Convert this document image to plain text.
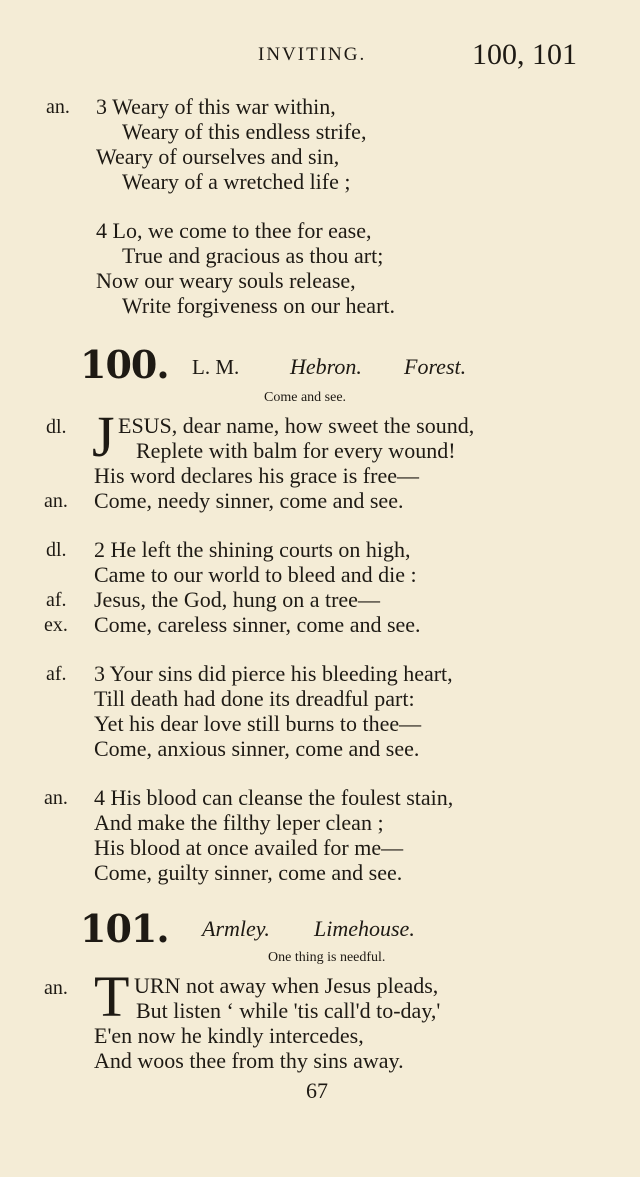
INVITING.	100, 101
an. 3 Weary of this war within,
Weary of this endless strife,
Weary of ourselves and sin,
Weary of a wretched life ;
4 Lo, we come to thee for ease,
True and gracious as thou art;
Now our weary souls release,
Write forgiveness on our heart.
100. L. M. Hebron. Forest.
Come and see.
dl. J ESUS, dear name, how sweet the sound,
Replete with balm for every wound!
His word declares his grace is free—
an. Come, needy sinner, come and see.
dl. 2 He left the shining courts on high,
Came to our world to bleed and die :
af. Jesus, the God, hung on a tree—
ex. Come, careless sinner, come and see.
af. 3 Your sins did pierce his bleeding heart,
Till death had done its dreadful part:
Yet his dear love still burns to thee—
Come, anxious sinner, come and see.
an. 4 His blood can cleanse the foulest stain,
And make the filthy leper clean ;
His blood at once availed for me—
Come, guilty sinner, come and see.
101. Armley. Limehouse.
One thing is needful.
an. T URN not away when Jesus pleads,
But listen ‘ while 'tis call'd to-day,'
E'en now he kindly intercedes,
And woos thee from thy sins away.
67
